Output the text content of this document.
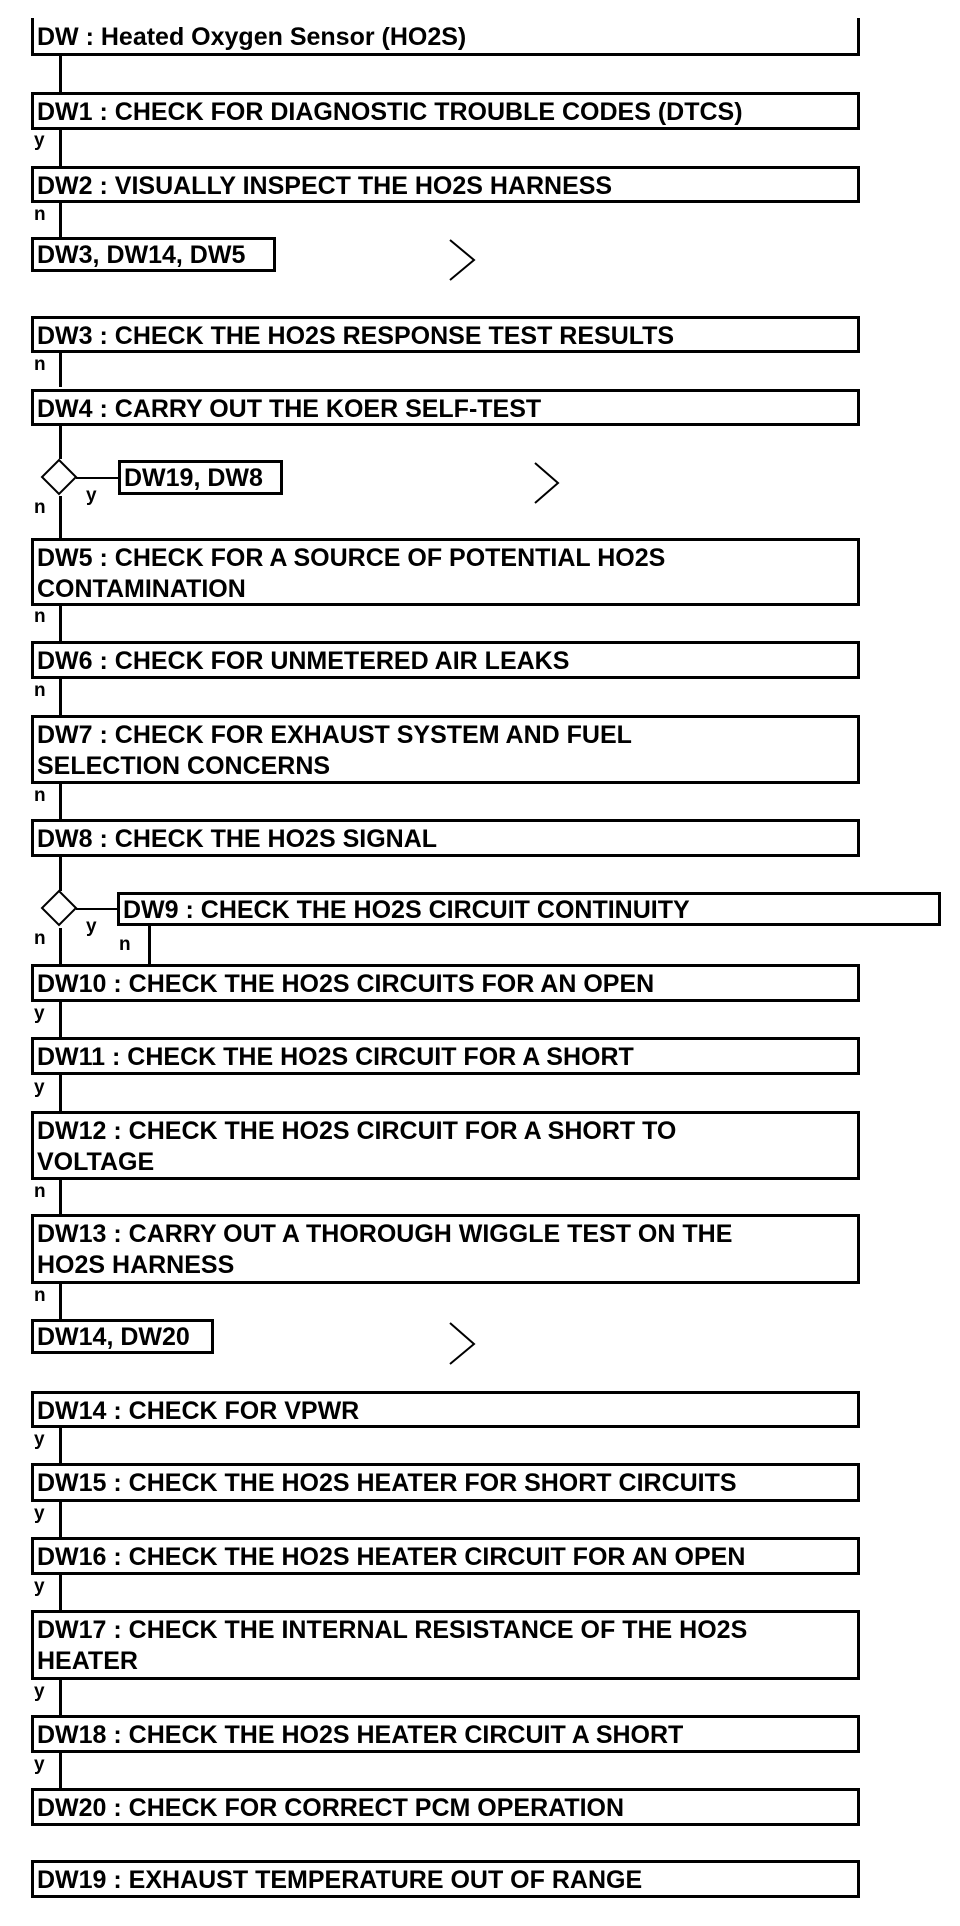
DW : Heated Oxygen Sensor (HO2S)
DW1 : CHECK FOR DIAGNOSTIC TROUBLE CODES (DTCS)
DW2 : VISUALLY INSPECT THE HO2S HARNESS
DW3, DW14, DW5
DW3 : CHECK THE HO2S RESPONSE TEST RESULTS
DW4 : CARRY OUT THE KOER SELF-TEST
DW19, DW8
DW5 : CHECK FOR A SOURCE OF POTENTIAL HO2S
CONTAMINATION
DW6 : CHECK FOR UNMETERED AIR LEAKS
DW7 : CHECK FOR EXHAUST SYSTEM AND FUEL
SELECTION CONCERNS
DW8 : CHECK THE HO2S SIGNAL
DW9 : CHECK THE HO2S CIRCUIT CONTINUITY
DW10 : CHECK THE HO2S CIRCUITS FOR AN OPEN
DW11 : CHECK THE HO2S CIRCUIT FOR A SHORT
DW12 : CHECK THE HO2S CIRCUIT FOR A SHORT TO
VOLTAGE
DW13 : CARRY OUT A THOROUGH WIGGLE TEST ON THE
HO2S HARNESS
DW14, DW20
DW14 : CHECK FOR VPWR
DW15 : CHECK THE HO2S HEATER FOR SHORT CIRCUITS
DW16 : CHECK THE HO2S HEATER CIRCUIT FOR AN OPEN
DW17 : CHECK THE INTERNAL RESISTANCE OF THE HO2S
HEATER
DW18 : CHECK THE HO2S HEATER CIRCUIT A SHORT
DW20 : CHECK FOR CORRECT PCM OPERATION
DW19 : EXHAUST TEMPERATURE OUT OF RANGE
y
n
n
y
n
n
n
n
y
n	n
y
y
n
n
y
y
y
y
y
